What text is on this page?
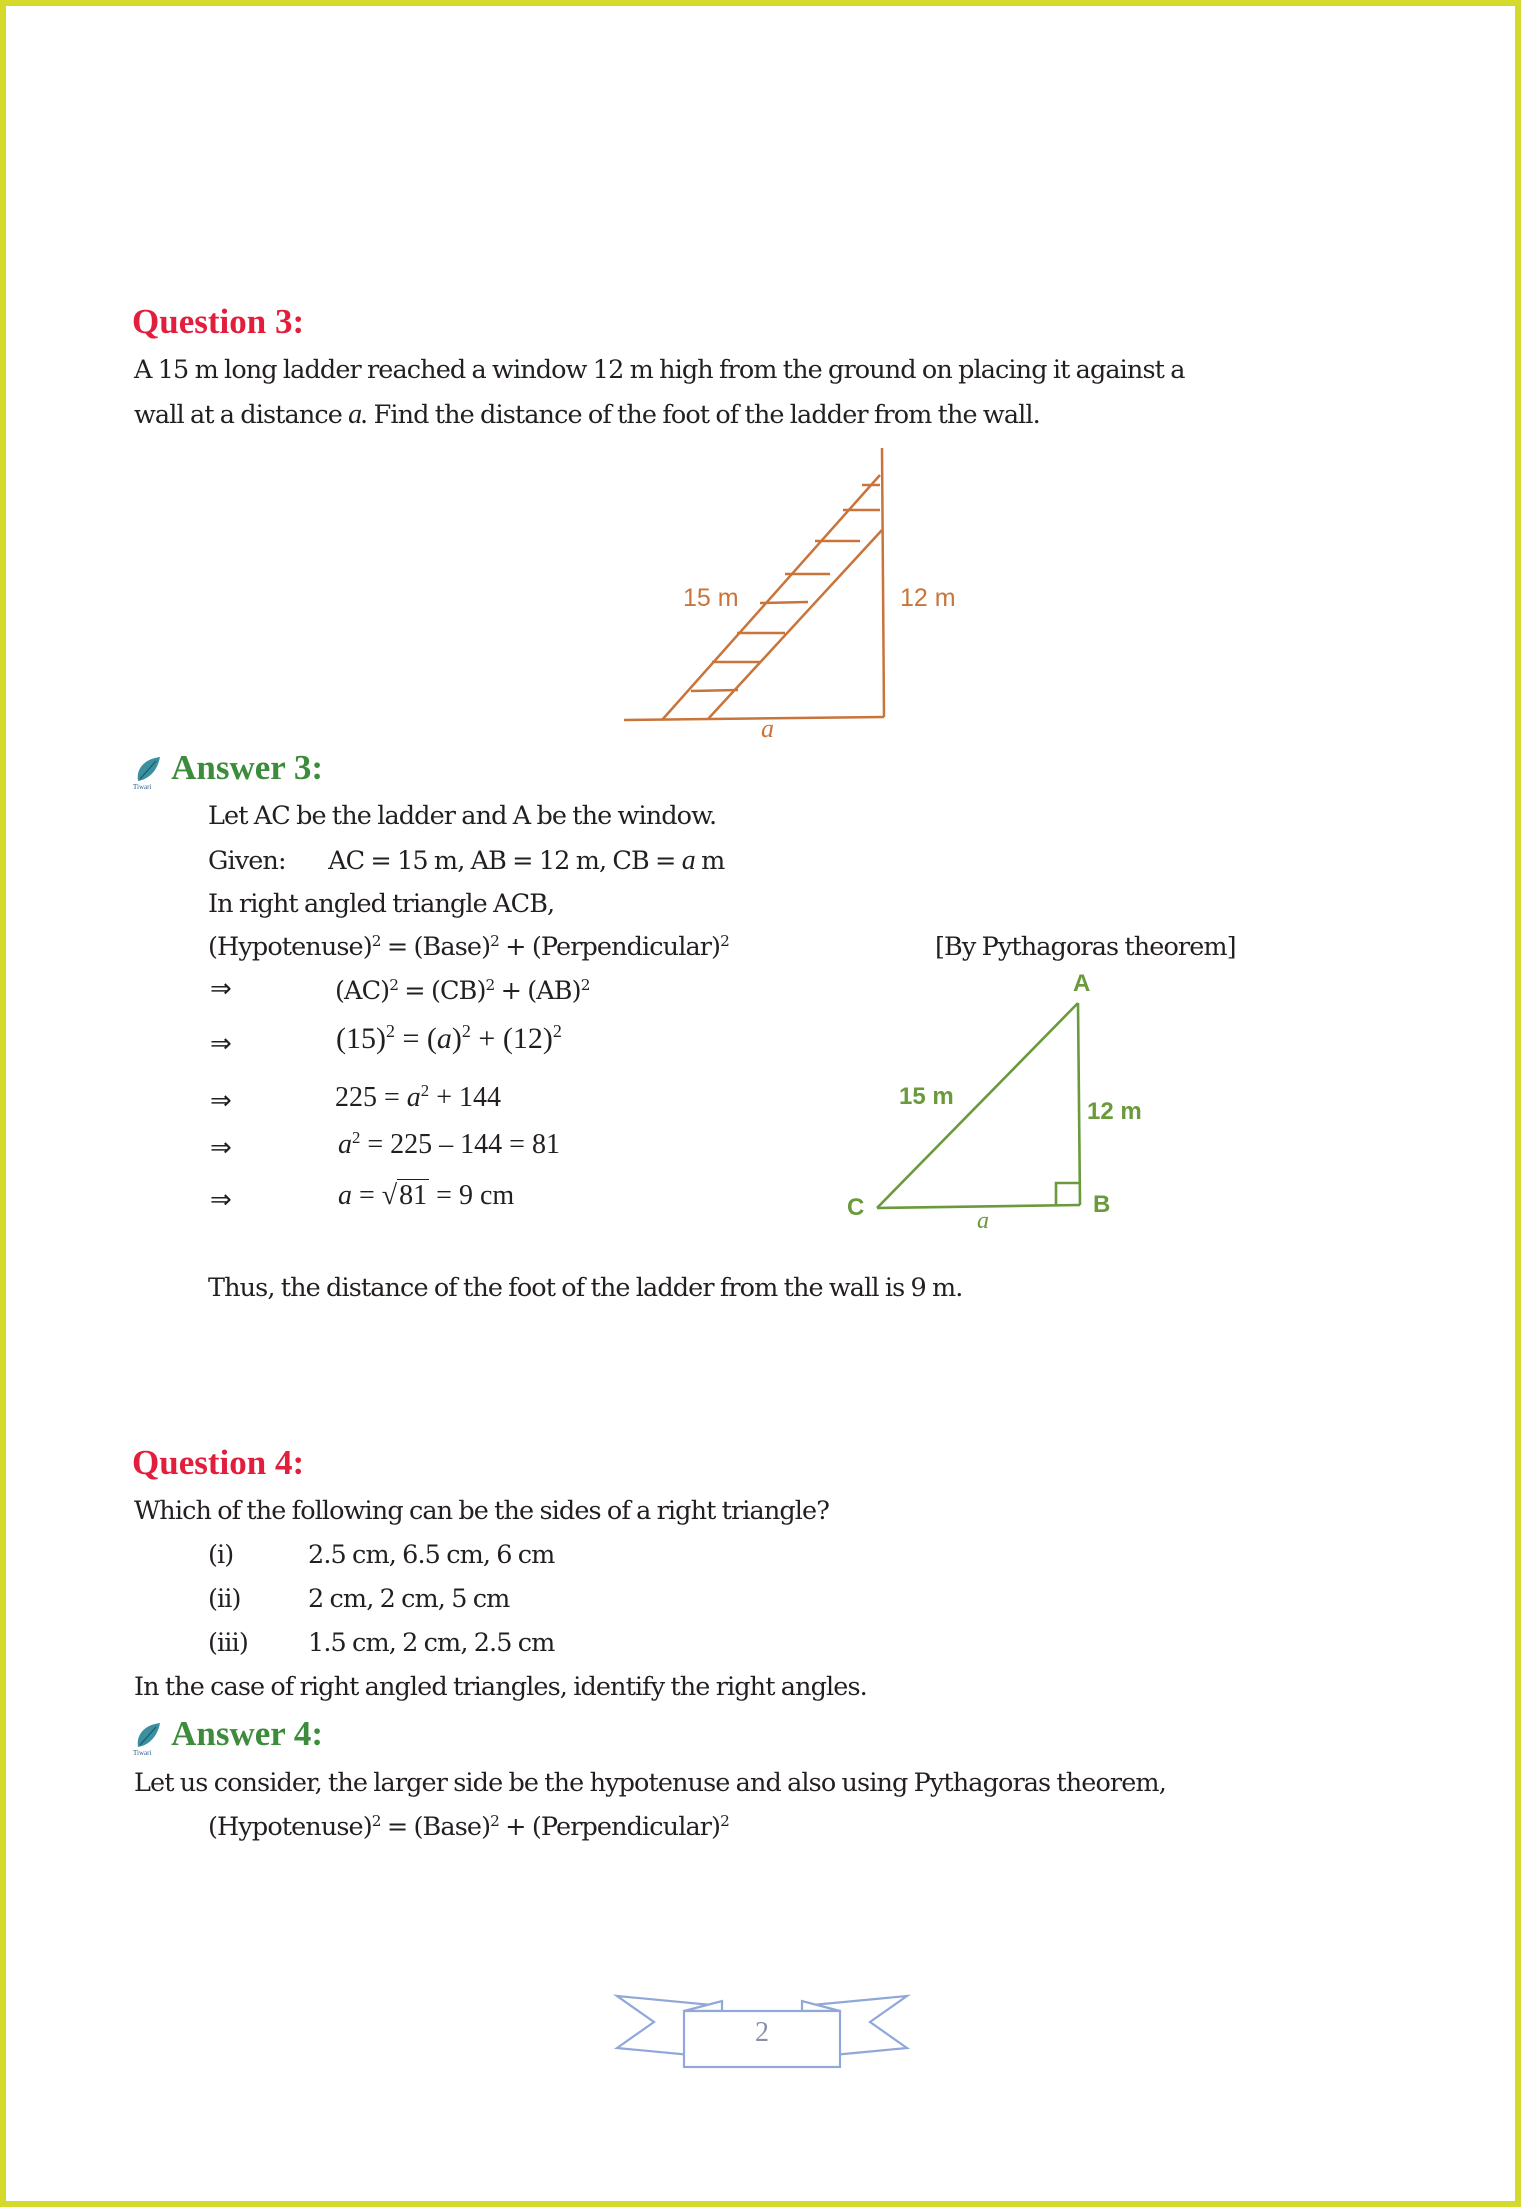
Question 3:
A 15 m long ladder reached a window 12 m high from the ground on placing it against a
wall at a distance a. Find the distance of the foot of the ladder from the wall.
15 m	12 m
a
Tiwari Answer 3:
Let AC be the ladder and A be the window.
Given: AC = 15 m, AB = 12 m, CB = a m
In right angled triangle ACB,
(Hypotenuse)$^2$ = (Base)$^2$ + (Perpendicular)$^2$	[By Pythagoras theorem]
⇒	(AC)$^2$ = (CB)$^2$ + (AB)$^2$
⇒	$(15)^2 = (a)^2 + (12)^2$
⇒	$225 = a^2 + 144$
⇒	$a^2 = 225 - 144 = 81$
⇒	a = √81 = 9 cm
A
B
C
15 m
12 m
a
Thus, the distance of the foot of the ladder from the wall is 9 m.
Question 4:
Which of the following can be the sides of a right triangle?
(i)	2.5 cm, 6.5 cm, 6 cm
(ii)	2 cm, 2 cm, 5 cm
(iii) 1.5 cm, 2 cm, 2.5 cm
In the case of right angled triangles, identify the right angles.
Tiwari Answer 4:
Let us consider, the larger side be the hypotenuse and also using Pythagoras theorem,
(Hypotenuse)$^2$ = (Base)$^2$ + (Perpendicular)$^2$
2
